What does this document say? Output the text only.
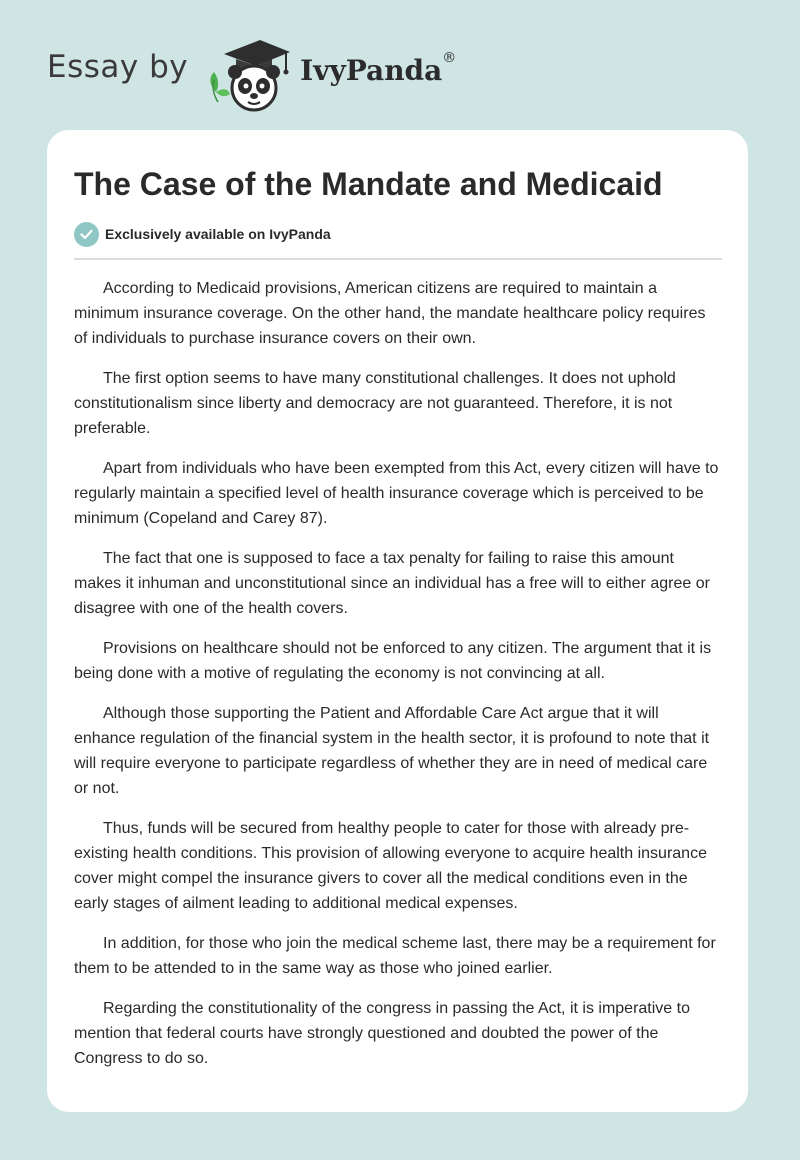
Essay by	IvyPanda®
The Case of the Mandate and Medicaid
Exclusively available on IvyPanda

According to Medicaid provisions, American citizens are required to maintain a minimum insurance coverage. On the other hand, the mandate healthcare policy requires of individuals to purchase insurance covers on their own.

The first option seems to have many constitutional challenges. It does not uphold constitutionalism since liberty and democracy are not guaranteed. Therefore, it is not preferable.

Apart from individuals who have been exempted from this Act, every citizen will have to regularly maintain a specified level of health insurance coverage which is perceived to be minimum (Copeland and Carey 87).

The fact that one is supposed to face a tax penalty for failing to raise this amount makes it inhuman and unconstitutional since an individual has a free will to either agree or disagree with one of the health covers.

Provisions on healthcare should not be enforced to any citizen. The argument that it is being done with a motive of regulating the economy is not convincing at all.

Although those supporting the Patient and Affordable Care Act argue that it will enhance regulation of the financial system in the health sector, it is profound to note that it will require everyone to participate regardless of whether they are in need of medical care or not.

Thus, funds will be secured from healthy people to cater for those with already pre-existing health conditions. This provision of allowing everyone to acquire health insurance cover might compel the insurance givers to cover all the medical conditions even in the early stages of ailment leading to additional medical expenses.

In addition, for those who join the medical scheme last, there may be a requirement for them to be attended to in the same way as those who joined earlier.

Regarding the constitutionality of the congress in passing the Act, it is imperative to mention that federal courts have strongly questioned and doubted the power of the Congress to do so.
